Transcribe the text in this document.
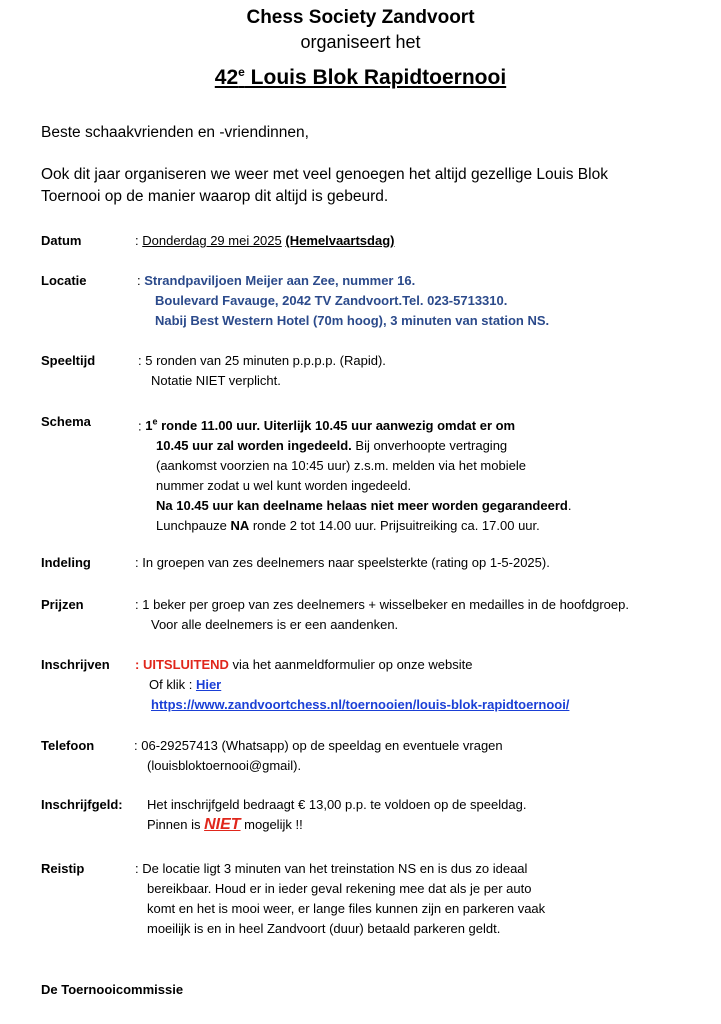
Chess Society Zandvoort
organiseert het
42e Louis Blok Rapidtoernooi
Beste schaakvrienden en -vriendinnen,
Ook dit jaar organiseren we weer met veel genoegen het altijd gezellige Louis Blok
Toernooi op de manier waarop dit altijd is gebeurd.
Datum	: Donderdag 29 mei 2025 (Hemelvaartsdag)
Locatie	: Strandpaviljoen Meijer aan Zee, nummer 16.
Boulevard Favauge, 2042 TV Zandvoort.Tel. 023-5713310.
Nabij Best Western Hotel (70m hoog), 3 minuten van station NS.
Speeltijd	: 5 ronden van 25 minuten p.p.p.p. (Rapid).
Notatie NIET verplicht.
Schema	: 1e ronde 11.00 uur. Uiterlijk 10.45 uur aanwezig omdat er om
10.45 uur zal worden ingedeeld. Bij onverhoopte vertraging
(aankomst voorzien na 10:45 uur) z.s.m. melden via het mobiele
nummer zodat u wel kunt worden ingedeeld.
Na 10.45 uur kan deelname helaas niet meer worden gegarandeerd.
Lunchpauze NA ronde 2 tot 14.00 uur. Prijsuitreiking ca. 17.00 uur.
Indeling	: In groepen van zes deelnemers naar speelsterkte (rating op 1-5-2025).
Prijzen	: 1 beker per groep van zes deelnemers + wisselbeker en medailles in de hoofdgroep.
Voor alle deelnemers is er een aandenken.
Inschrijven : UITSLUITEND via het aanmeldformulier op onze website
Of klik : Hier
https://www.zandvoortchess.nl/toernooien/louis-blok-rapidtoernooi/
Telefoon	: 06-29257413 (Whatsapp) op de speeldag en eventuele vragen
(louisbloktoernooi@gmail).
Inschrijfgeld: Het inschrijfgeld bedraagt € 13,00 p.p. te voldoen op de speeldag.
Pinnen is NIET mogelijk !!
Reistip	: De locatie ligt 3 minuten van het treinstation NS en is dus zo ideaal
bereikbaar. Houd er in ieder geval rekening mee dat als je per auto
komt en het is mooi weer, er lange files kunnen zijn en parkeren vaak
moeilijk is en in heel Zandvoort (duur) betaald parkeren geldt.
De Toernooicommissie
